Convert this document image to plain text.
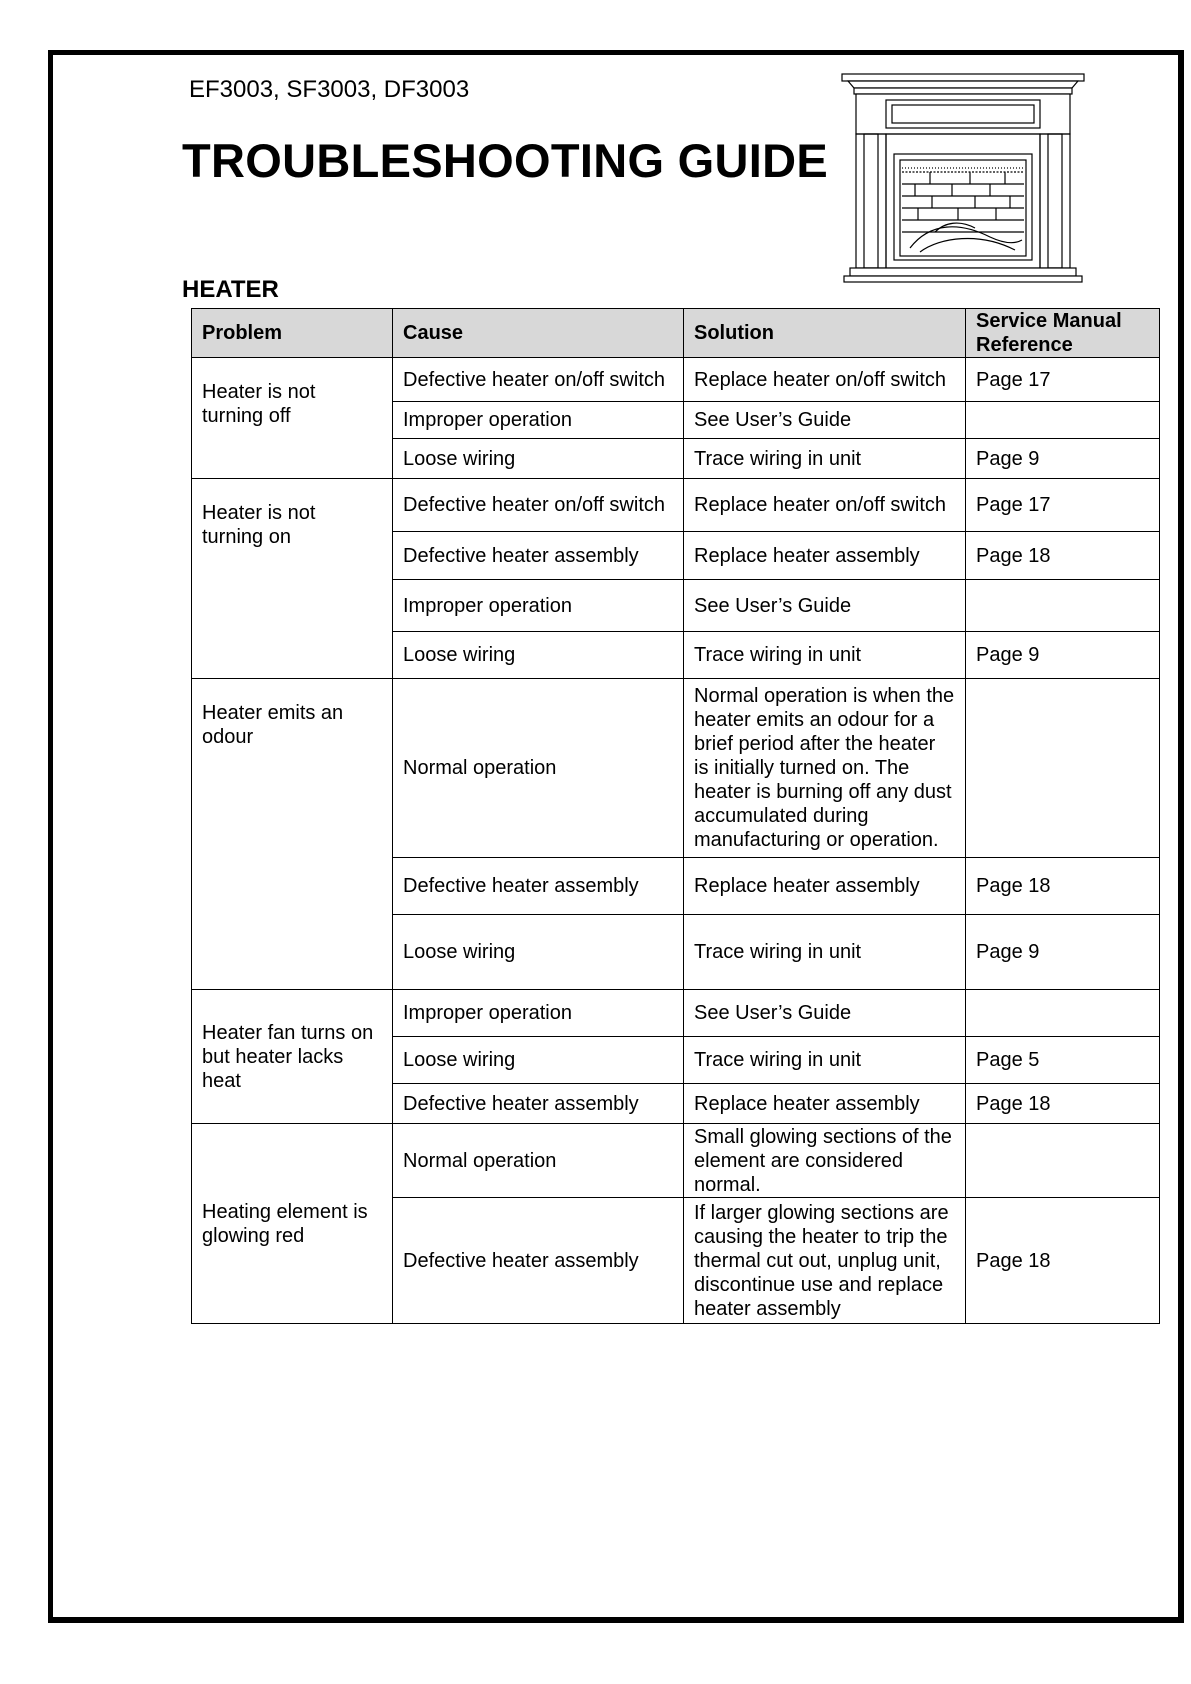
EF3003, SF3003, DF3003
TROUBLESHOOTING GUIDE
HEATER
Problem	Cause	Solution	Service Manual Reference
Heater is not turning off	Defective heater on/off switch	Replace heater on/off switch	Page 17
	Improper operation	See User’s Guide	
	Loose wiring	Trace wiring in unit	Page 9
Heater is not turning on	Defective heater on/off switch	Replace heater on/off switch	Page 17
	Defective heater assembly	Replace heater assembly	Page 18
	Improper operation	See User’s Guide	
	Loose wiring	Trace wiring in unit	Page 9
Heater emits an odour	Normal operation	Normal operation is when the heater emits an odour for a brief period after the heater is initially turned on. The heater is burning off any dust accumulated during manufacturing or operation.	
	Defective heater assembly	Replace heater assembly	Page 18
	Loose wiring	Trace wiring in unit	Page 9
Heater fan turns on but heater lacks heat	Improper operation	See User’s Guide	
	Loose wiring	Trace wiring in unit	Page 5
	Defective heater assembly	Replace heater assembly	Page 18
Heating element is glowing red	Normal operation	Small glowing sections of the element are considered normal.	
	Defective heater assembly	If larger glowing sections are causing the heater to trip the thermal cut out, unplug unit, discontinue use and replace heater assembly	Page 18
